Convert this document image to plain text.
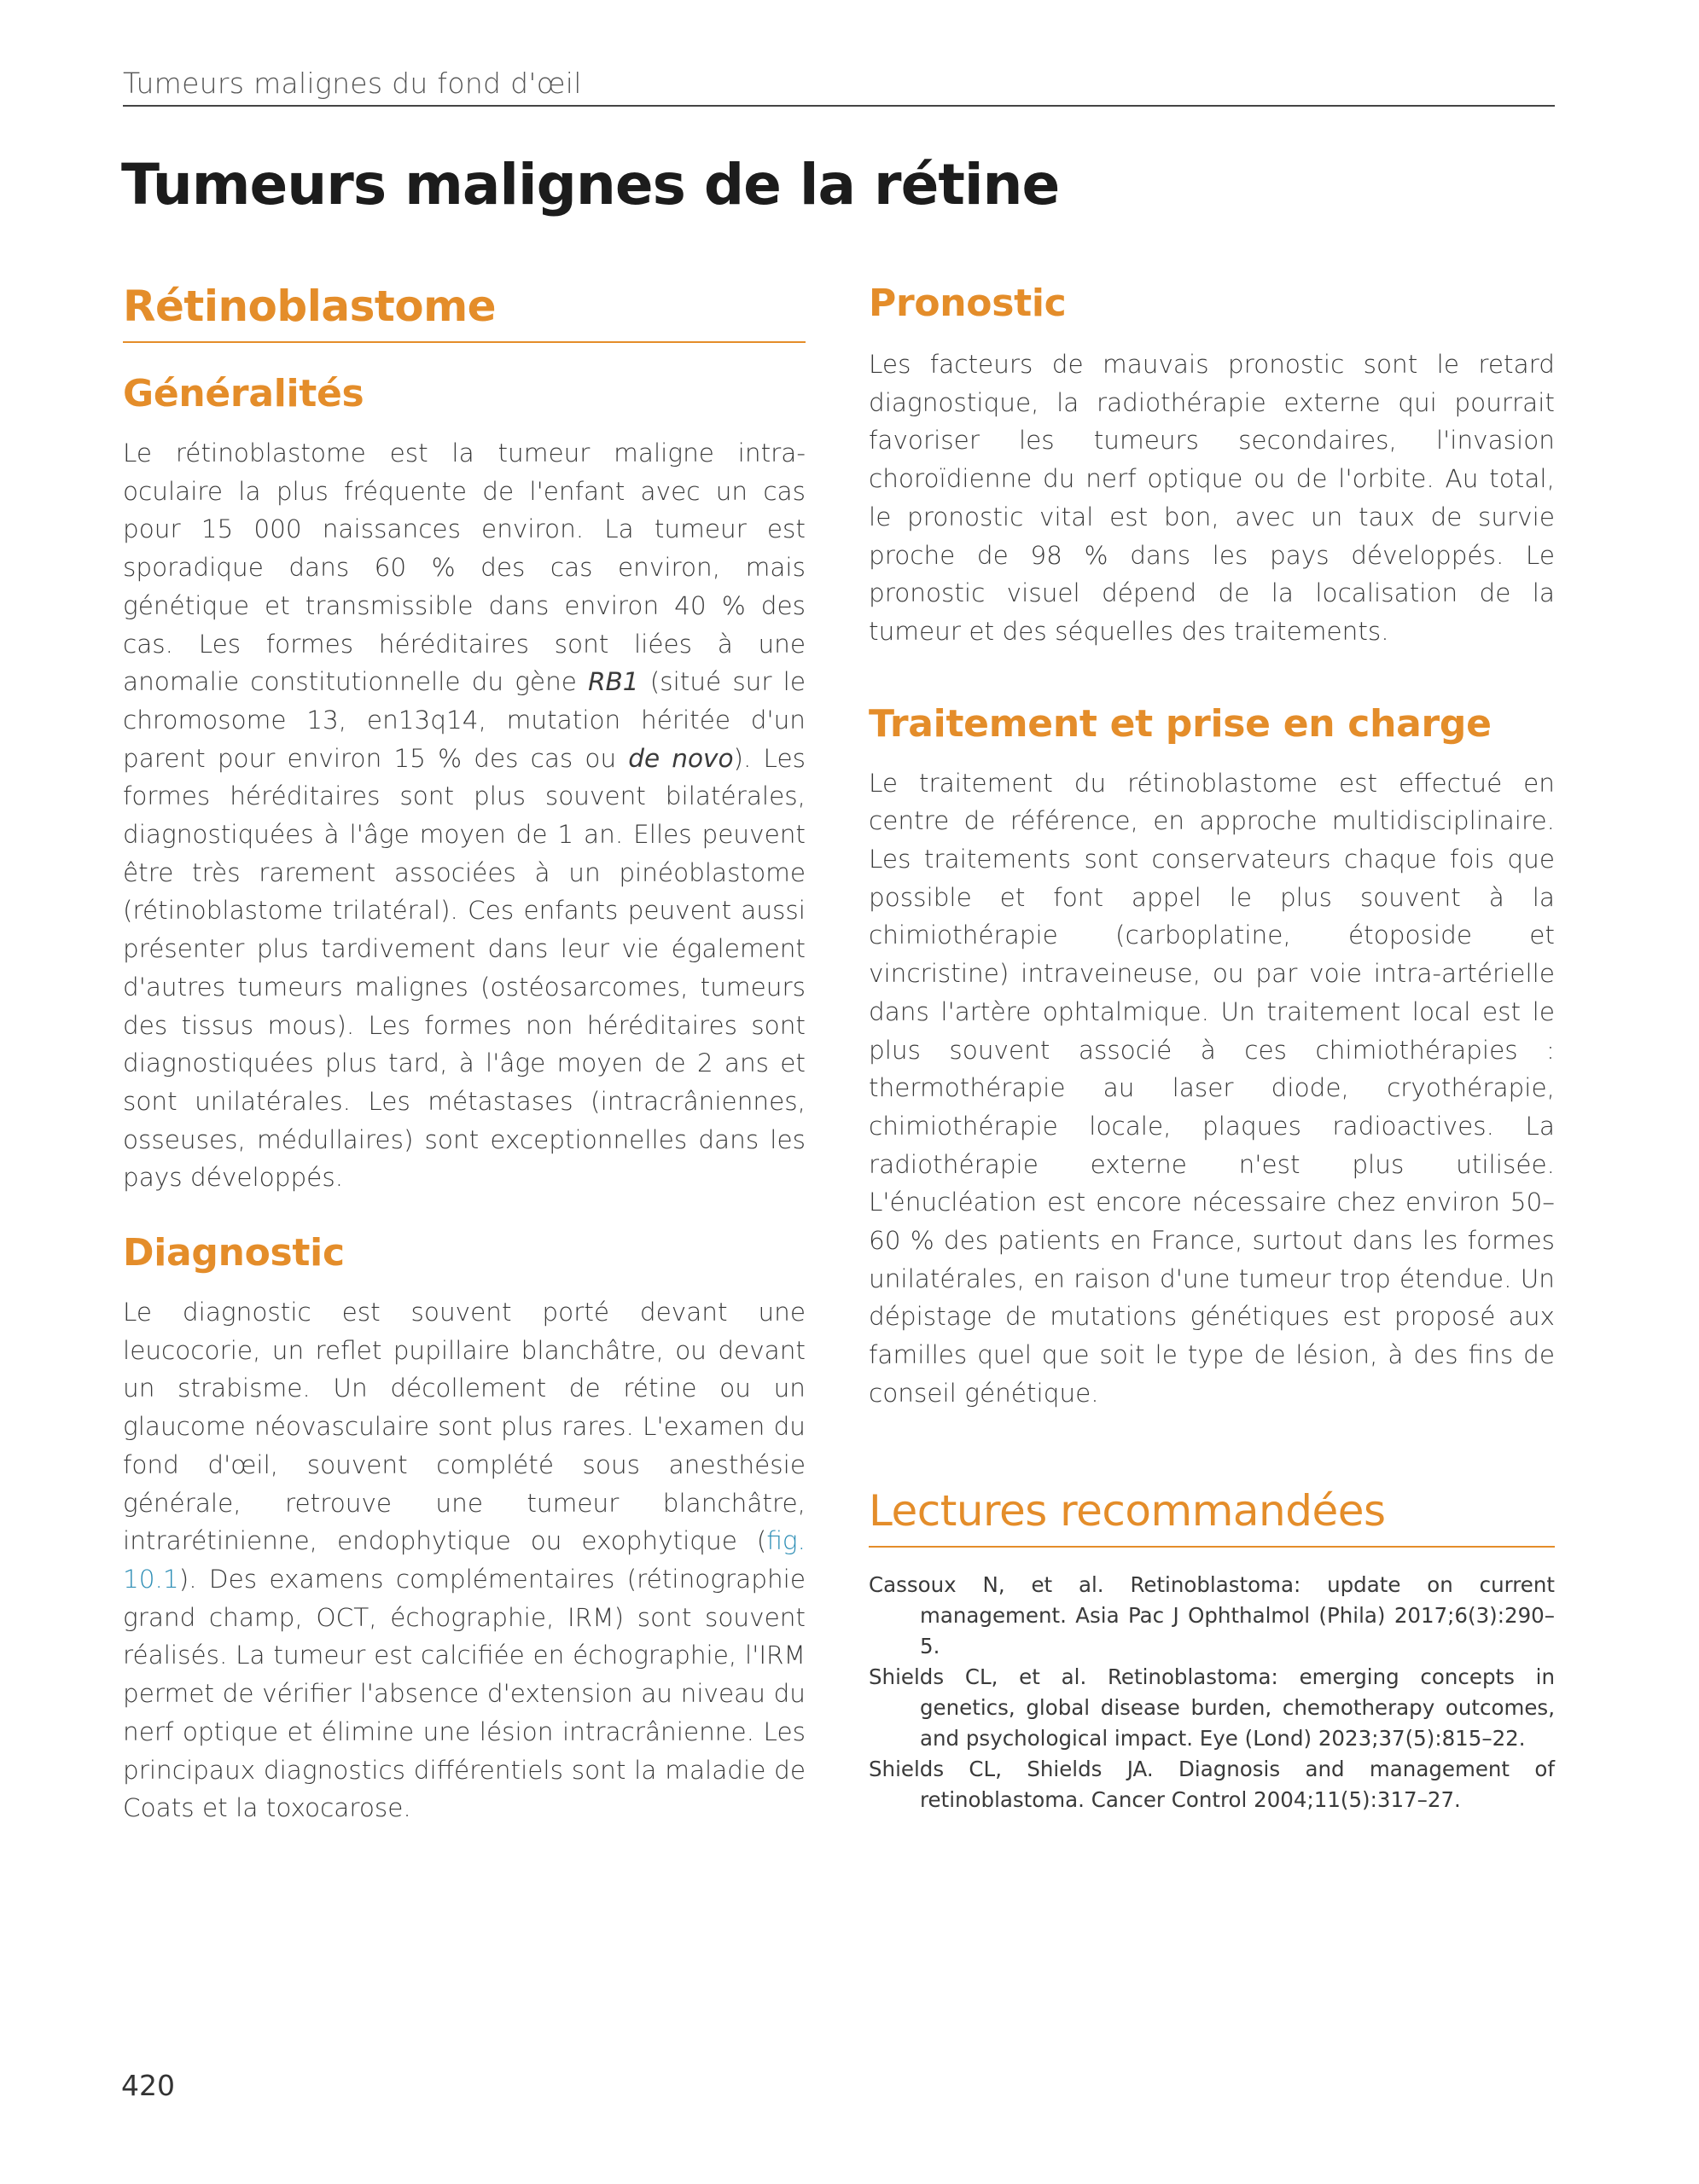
Tumeurs malignes du fond d'œil
Tumeurs malignes de la rétine
Rétinoblastome
Généralités

Le rétinoblastome est la tumeur maligne intra-oculaire la plus fréquente de l'enfant avec un cas pour 15 000 naissances environ. La tumeur est sporadique dans 60 % des cas environ, mais génétique et transmissible dans environ 40 % des cas. Les formes héréditaires sont liées à une anomalie constitutionnelle du gène RB1 (situé sur le chromosome 13, en13q14, mutation héritée d'un parent pour environ 15 % des cas ou de novo). Les formes héréditaires sont plus souvent bilatérales, diagnostiquées à l'âge moyen de 1 an. Elles peuvent être très rarement associées à un pinéoblastome (rétinoblastome trilatéral). Ces enfants peuvent aussi présenter plus tardivement dans leur vie également d'autres tumeurs malignes (ostéosarcomes, tumeurs des tissus mous). Les formes non héréditaires sont diagnostiquées plus tard, à l'âge moyen de 2 ans et sont unilatérales. Les métastases (intracrâniennes, osseuses, médullaires) sont exceptionnelles dans les pays développés.

Diagnostic

Le diagnostic est souvent porté devant une leucocorie, un reflet pupillaire blanchâtre, ou devant un strabisme. Un décollement de rétine ou un glaucome néovasculaire sont plus rares. L'examen du fond d'œil, souvent complété sous anesthésie générale, retrouve une tumeur blanchâtre, intrarétinienne, endophytique ou exophytique (fig. 10.1). Des examens complémentaires (rétinographie grand champ, OCT, échographie, IRM) sont souvent réalisés. La tumeur est calcifiée en échographie, l'IRM permet de vérifier l'absence d'extension au niveau du nerf optique et élimine une lésion intracrânienne. Les principaux diagnostics différentiels sont la maladie de Coats et la toxocarose.

Pronostic

Les facteurs de mauvais pronostic sont le retard diagnostique, la radiothérapie externe qui pourrait favoriser les tumeurs secondaires, l'invasion choroïdienne du nerf optique ou de l'orbite. Au total, le pronostic vital est bon, avec un taux de survie proche de 98 % dans les pays développés. Le pronostic visuel dépend de la localisation de la tumeur et des séquelles des traitements.

Traitement et prise en charge

Le traitement du rétinoblastome est effectué en centre de référence, en approche multidisciplinaire. Les traitements sont conservateurs chaque fois que possible et font appel le plus souvent à la chimiothérapie (carboplatine, étoposide et vincristine) intraveineuse, ou par voie intra-artérielle dans l'artère ophtalmique. Un traitement local est le plus souvent associé à ces chimiothérapies : thermothérapie au laser diode, cryothérapie, chimiothérapie locale, plaques radioactives. La radiothérapie externe n'est plus utilisée. L'énucléation est encore nécessaire chez environ 50–60 % des patients en France, surtout dans les formes unilatérales, en raison d'une tumeur trop étendue. Un dépistage de mutations génétiques est proposé aux familles quel que soit le type de lésion, à des fins de conseil génétique.

Lectures recommandées
Cassoux N, et al. Retinoblastoma: update on current management. Asia Pac J Ophthalmol (Phila) 2017;6(3):290–5.
Shields CL, et al. Retinoblastoma: emerging concepts in genetics, global disease burden, chemotherapy outcomes, and psychological impact. Eye (Lond) 2023;37(5):815–22.
Shields CL, Shields JA. Diagnosis and management of retinoblastoma. Cancer Control 2004;11(5):317–27.
420
